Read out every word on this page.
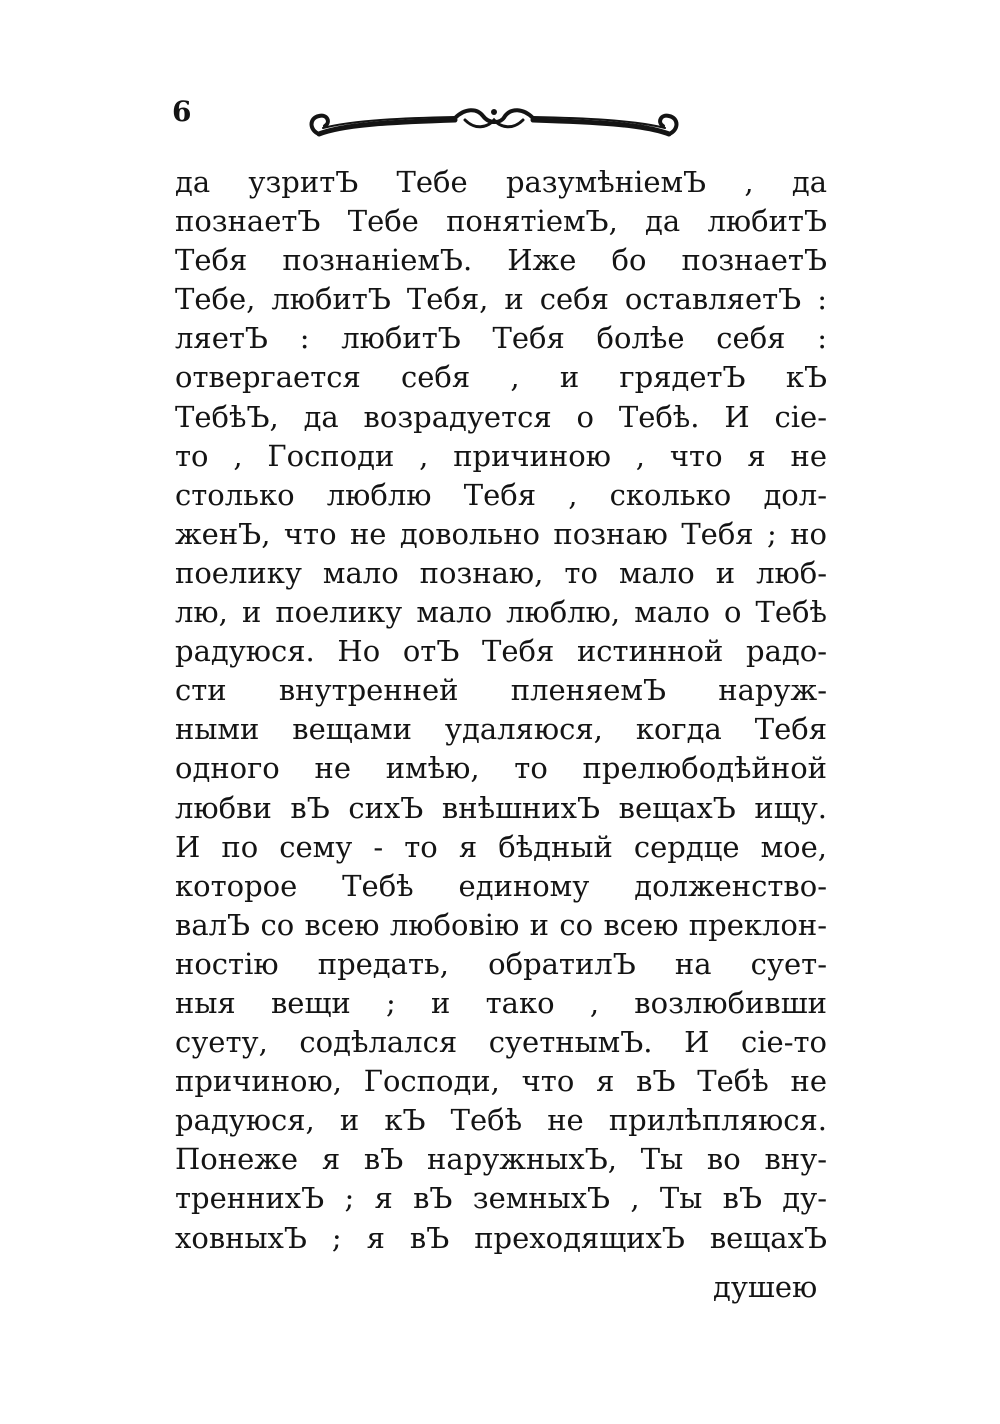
6
да узритЪ Тебе разумѣніемЪ , да
познаетЪ Тебе понятіемЪ, да любитЪ
Тебя познаніемЪ. Иже бо познаетЪ
Тебе, любитЪ Тебя, и себя оставляетЪ :
ляетЪ : любитЪ Тебя болѣе себя :
отвергается себя , и грядетЪ кЪ
ТебѣЪ, да возрадуется о Тебѣ. И сіе-
то , Господи , причиною , что я не
столько люблю Тебя , сколько дол-
женЪ, что не довольно познаю Тебя ; но
поелику мало познаю, то мало и люб-
лю, и поелику мало люблю, мало о Тебѣ
радуюся. Но отЪ Тебя истинной радо-
сти внутренней пленяемЪ наруж-
ными вещами удаляюся, когда Тебя
одного не имѣю, то прелюбодѣйной
любви вЪ сихЪ внѣшнихЪ вещахЪ ищу.
И по сему - то я бѣдный сердце мое,
которое Тебѣ единому долженство-
валЪ со всею любовію и со всею преклон-
ностію предать, обратилЪ на сует-
ныя вещи ; и тако , возлюбивши
суету, содѣлался суетнымЪ. И сіе-то
причиною, Господи, что я вЪ Тебѣ не
радуюся, и кЪ Тебѣ не прилѣпляюся.
Понеже я вЪ наружныхЪ, Ты во вну-
треннихЪ ; я вЪ земныхЪ , Ты вЪ ду-
ховныхЪ ; я вЪ преходящихЪ вещахЪ
душею
